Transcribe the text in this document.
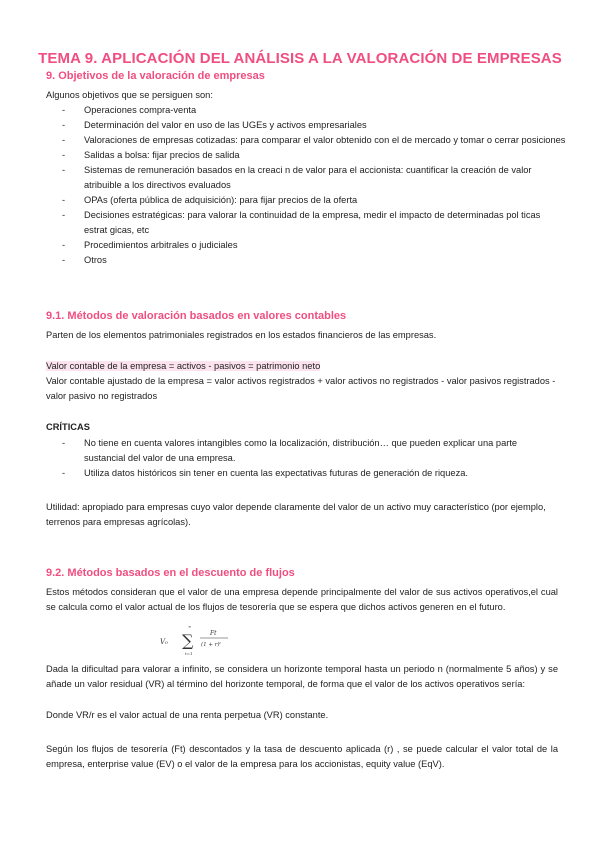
TEMA 9. APLICACIÓN DEL ANÁLISIS A LA VALORACIÓN DE EMPRESAS
9. Objetivos de la valoración de empresas

Algunos objetivos que se persiguen son:

- Operaciones compra-venta
- Determinación del valor en uso de las UGEs y activos empresariales
- Valoraciones de empresas cotizadas: para comparar el valor obtenido con el de mercado y tomar o cerrar posiciones
- Salidas a bolsa: fijar precios de salida
- Sistemas de remuneración basados en la creaci n de valor para el accionista: cuantificar la creación de valor atribuible a los directivos evaluados
- OPAs (oferta pública de adquisición): para fijar precios de la oferta
- Decisiones estratégicas: para valorar la continuidad de la empresa, medir el impacto de determinadas pol ticas estrat gicas, etc
- Procedimientos arbitrales o judiciales
- Otros
9.1. Métodos de valoración basados en valores contables

Parten de los elementos patrimoniales registrados en los estados financieros de las empresas.

Valor contable de la empresa = activos - pasivos = patrimonio neto

Valor contable ajustado de la empresa = valor activos registrados + valor activos no registrados - valor pasivos registrados - valor pasivo no registrados

CRÍTICAS
- No tiene en cuenta valores intangibles como la localización, distribución… que pueden explicar una parte sustancial del valor de una empresa.
- Utiliza datos históricos sin tener en cuenta las expectativas futuras de generación de riqueza.

Utilidad: apropiado para empresas cuyo valor depende claramente del valor de un activo muy característico (por ejemplo, terrenos para empresas agrícolas).

9.2. Métodos basados en el descuento de flujos

Estos métodos consideran que el valor de una empresa depende principalmente del valor de sus activos operativos,el cual se calcula como el valor actual de los flujos de tesorería que se espera que dichos activos generen en el futuro.

V₀
∞
∑
t=1
Ft
(1 + r)ᵗ

Dada la dificultad para valorar a infinito, se considera un horizonte temporal hasta un periodo n (normalmente 5 años) y se añade un valor residual (VR) al término del horizonte temporal, de forma que el valor de los activos operativos sería:

Donde VR/r es el valor actual de una renta perpetua (VR) constante.

Según los flujos de tesorería (Ft) descontados y la tasa de descuento aplicada (r) , se puede calcular el valor total de la empresa, enterprise value (EV) o el valor de la empresa para los accionistas, equity value (EqV).
